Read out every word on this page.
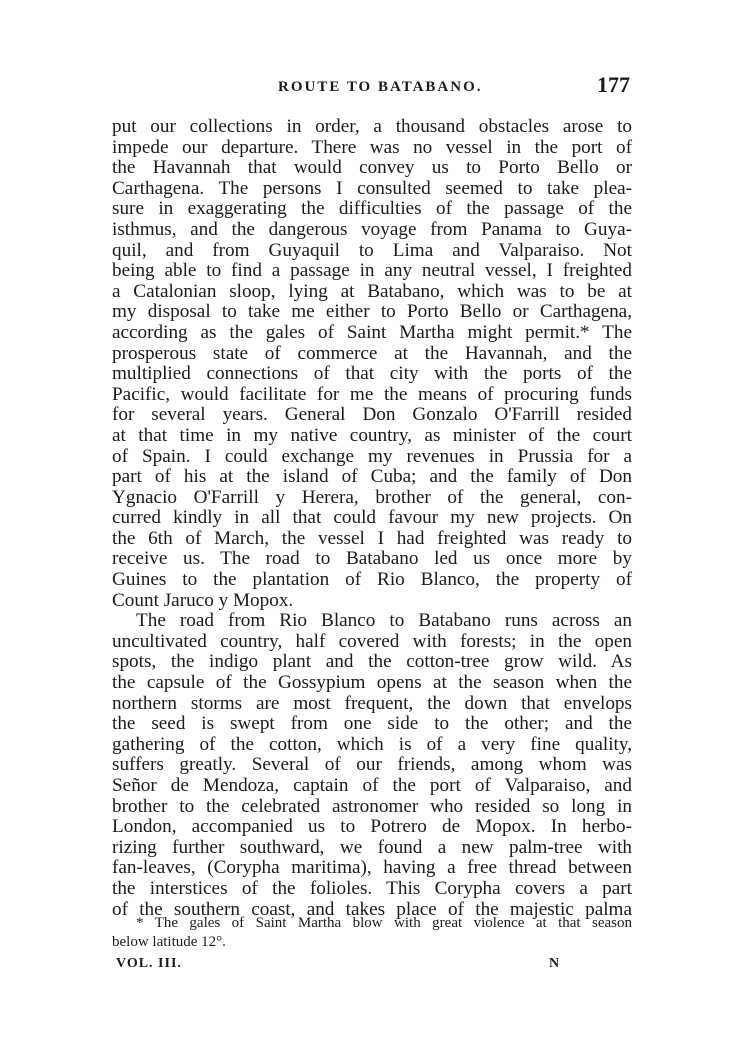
ROUTE TO BATABANO.	177
put our collections in order, a thousand obstacles arose to
impede our departure. There was no vessel in the port of
the Havannah that would convey us to Porto Bello or
Carthagena. The persons I consulted seemed to take plea-
sure in exaggerating the difficulties of the passage of the
isthmus, and the dangerous voyage from Panama to Guya-
quil, and from Guyaquil to Lima and Valparaiso. Not
being able to find a passage in any neutral vessel, I freighted
a Catalonian sloop, lying at Batabano, which was to be at
my disposal to take me either to Porto Bello or Carthagena,
according as the gales of Saint Martha might permit.* The
prosperous state of commerce at the Havannah, and the
multiplied connections of that city with the ports of the
Pacific, would facilitate for me the means of procuring funds
for several years. General Don Gonzalo O'Farrill resided
at that time in my native country, as minister of the court
of Spain. I could exchange my revenues in Prussia for a
part of his at the island of Cuba; and the family of Don
Ygnacio O'Farrill y Herera, brother of the general, con-
curred kindly in all that could favour my new projects. On
the 6th of March, the vessel I had freighted was ready to
receive us. The road to Batabano led us once more by
Guines to the plantation of Rio Blanco, the property of
Count Jaruco y Mopox.
The road from Rio Blanco to Batabano runs across an
uncultivated country, half covered with forests; in the open
spots, the indigo plant and the cotton-tree grow wild. As
the capsule of the Gossypium opens at the season when the
northern storms are most frequent, the down that envelops
the seed is swept from one side to the other; and the
gathering of the cotton, which is of a very fine quality,
suffers greatly. Several of our friends, among whom was
Señor de Mendoza, captain of the port of Valparaiso, and
brother to the celebrated astronomer who resided so long in
London, accompanied us to Potrero de Mopox. In herbo-
rizing further southward, we found a new palm-tree with
fan-leaves, (Corypha maritima), having a free thread between
the interstices of the folioles. This Corypha covers a part
of the southern coast, and takes place of the majestic palma
* The gales of Saint Martha blow with great violence at that season
below latitude 12°.
VOL. III.	N
